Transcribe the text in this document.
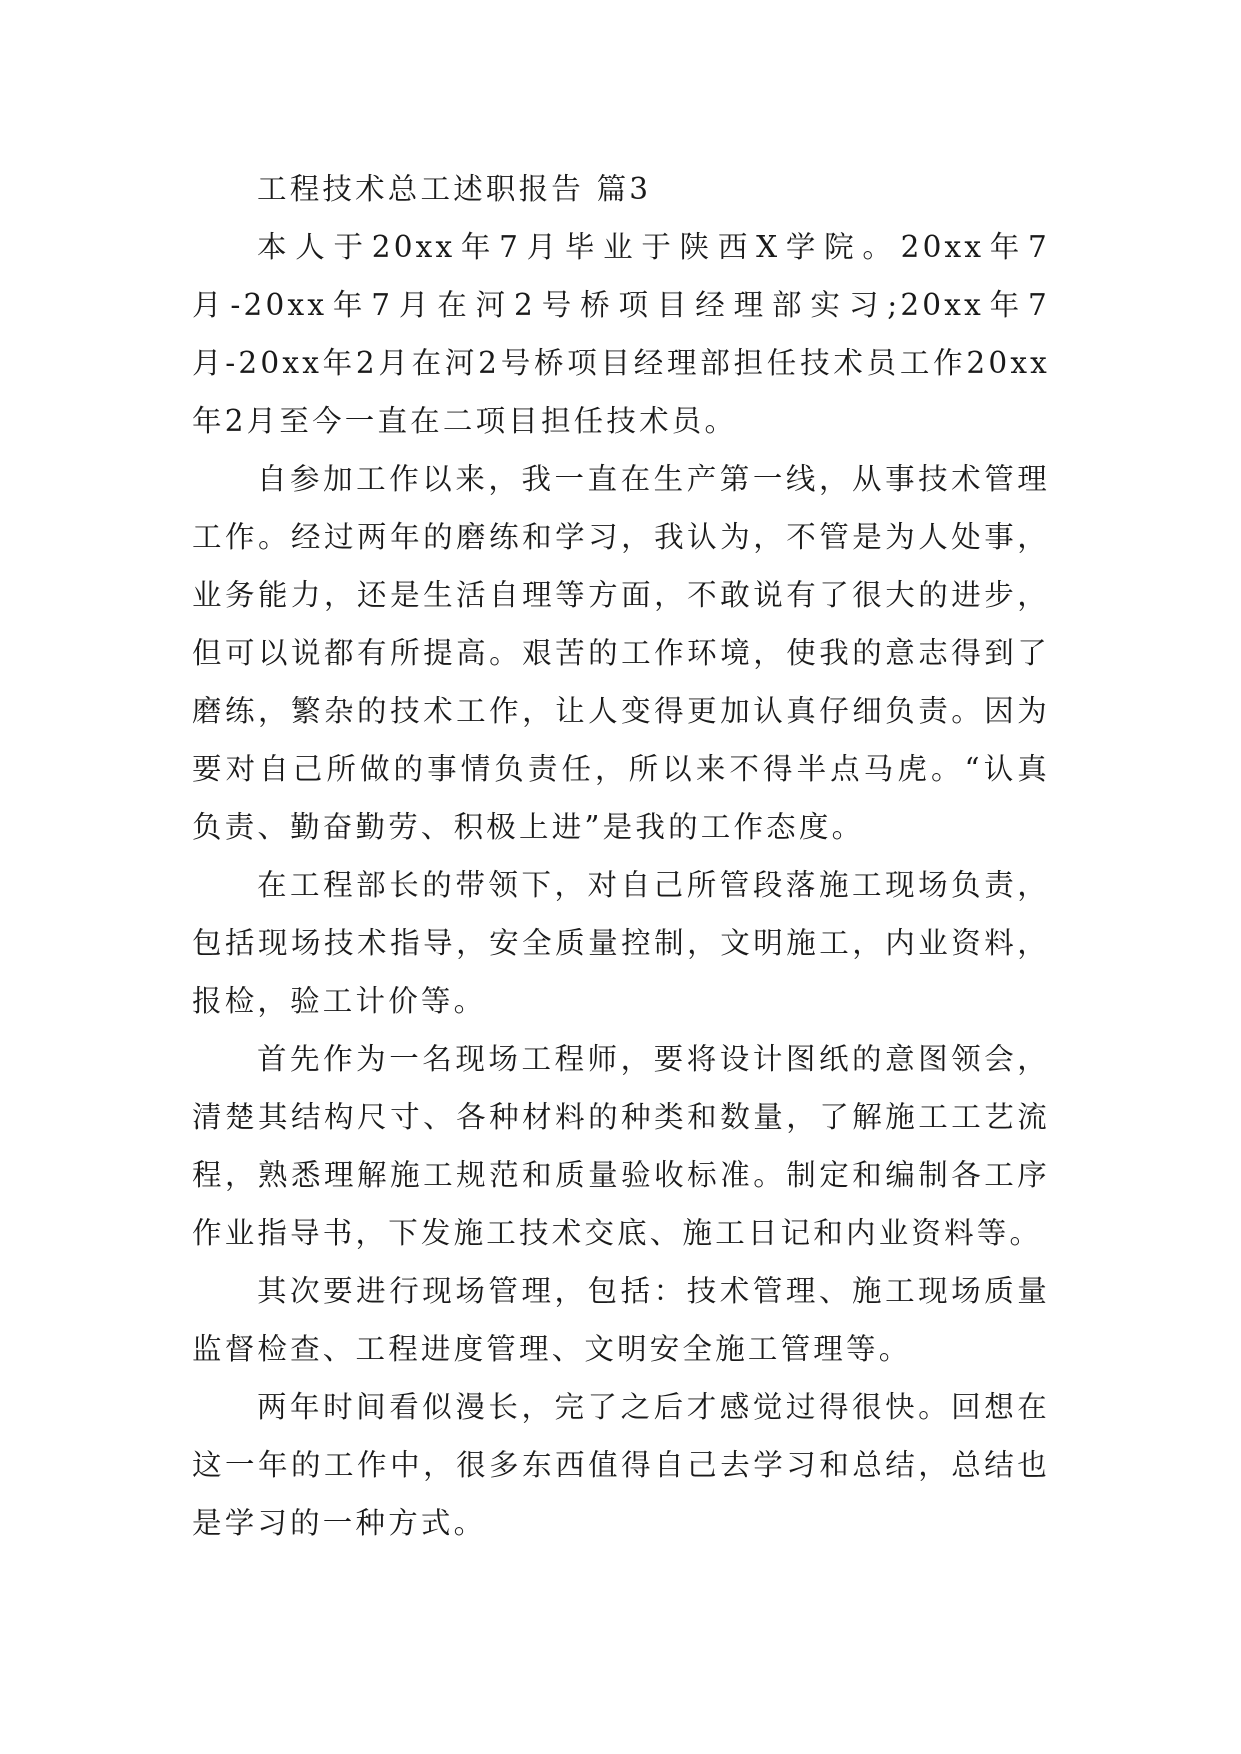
工程技术总工述职报告 篇3

本人于20xx年7月毕业于陕西X学院。20xx年7月-20xx年7月在河2号桥项目经理部实习;20xx年7月-20xx年2月在河2号桥项目经理部担任技术员工作20xx年2月至今一直在二项目担任技术员。

自参加工作以来，我一直在生产第一线，从事技术管理工作。经过两年的磨练和学习，我认为，不管是为人处事，业务能力，还是生活自理等方面，不敢说有了很大的进步，但可以说都有所提高。艰苦的工作环境，使我的意志得到了磨练，繁杂的技术工作，让人变得更加认真仔细负责。因为要对自己所做的事情负责任，所以来不得半点马虎。“认真负责、勤奋勤劳、积极上进”是我的工作态度。

在工程部长的带领下，对自己所管段落施工现场负责，包括现场技术指导，安全质量控制，文明施工，内业资料，报检，验工计价等。

首先作为一名现场工程师，要将设计图纸的意图领会，清楚其结构尺寸、各种材料的种类和数量，了解施工工艺流程，熟悉理解施工规范和质量验收标准。制定和编制各工序作业指导书，下发施工技术交底、施工日记和内业资料等。

其次要进行现场管理，包括：技术管理、施工现场质量监督检查、工程进度管理、文明安全施工管理等。

两年时间看似漫长，完了之后才感觉过得很快。回想在这一年的工作中，很多东西值得自己去学习和总结，总结也是学习的一种方式。
